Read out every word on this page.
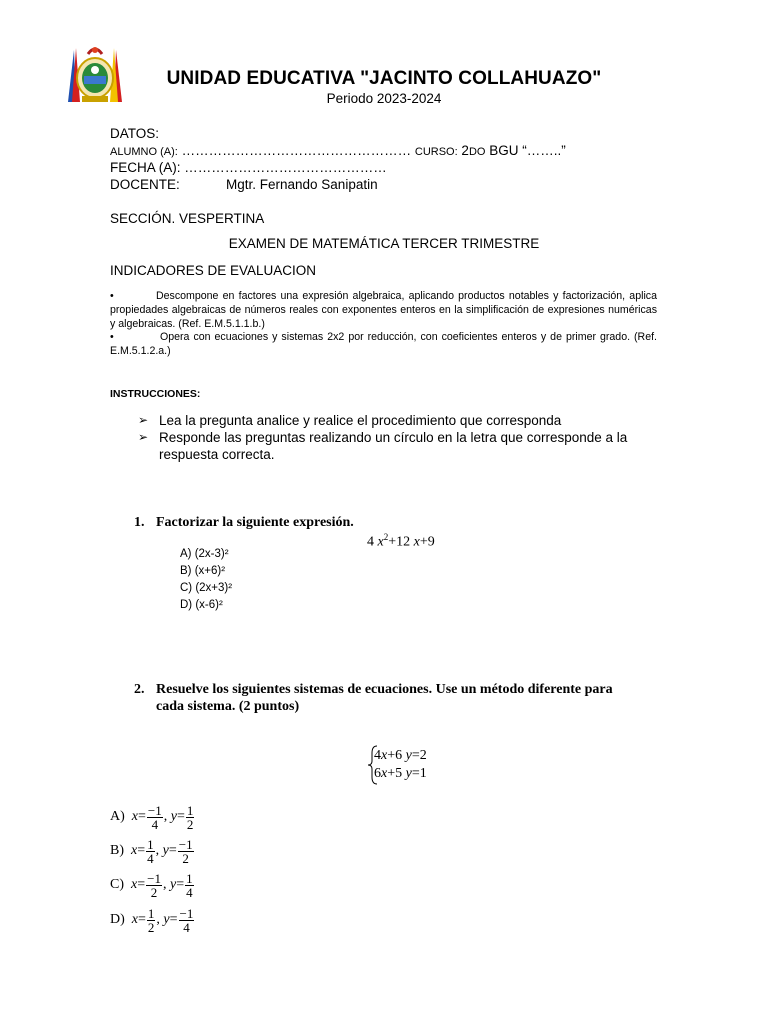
UNIDAD EDUCATIVA "JACINTO COLLAHUAZO"
Periodo 2023-2024
DATOS:
ALUMNO (A): …………………………………………… CURSO: 2DO BGU “……..”
FECHA (A): ………………………………………
DOCENTE:	Mgtr. Fernando Sanipatin
SECCIÓN. VESPERTINA
EXAMEN DE MATEMÁTICA TERCER TRIMESTRE
INDICADORES DE EVALUACION
•	Descompone en factores una expresión algebraica, aplicando productos notables y factorización, aplica propiedades algebraicas de números reales con exponentes enteros en la simplificación de expresiones numéricas y algebraicas. (Ref. E.M.5.1.1.b.)
•	Opera con ecuaciones y sistemas 2x2 por reducción, con coeficientes enteros y de primer grado. (Ref. E.M.5.1.2.a.)
INSTRUCCIONES:
➢ Lea la pregunta analice y realice el procedimiento que corresponda
➢ Responde las preguntas realizando un círculo en la letra que corresponde a la respuesta correcta.
1. Factorizar la siguiente expresión.
4 $x^2+12$ x+9
A) (2x-3)²
B) (x+6)²
C) (2x+3)²
D) (x-6)²
2. Resuelve los siguientes sistemas de ecuaciones. Use un método diferente para cada sistema. (2 puntos)
4x+6 y=2
6x+5 y=1
A) $x = \frac{-1}{4}$ ,
$y = \frac{1}{2}$
B) $x = \frac{1}{4}$ ,
$y = \frac{-1}{2}$
C) $x = \frac{-1}{2}$ ,
$y = \frac{1}{4}$
D) $x = \frac{1}{2}$ ,
$y = \frac{-1}{4}$
